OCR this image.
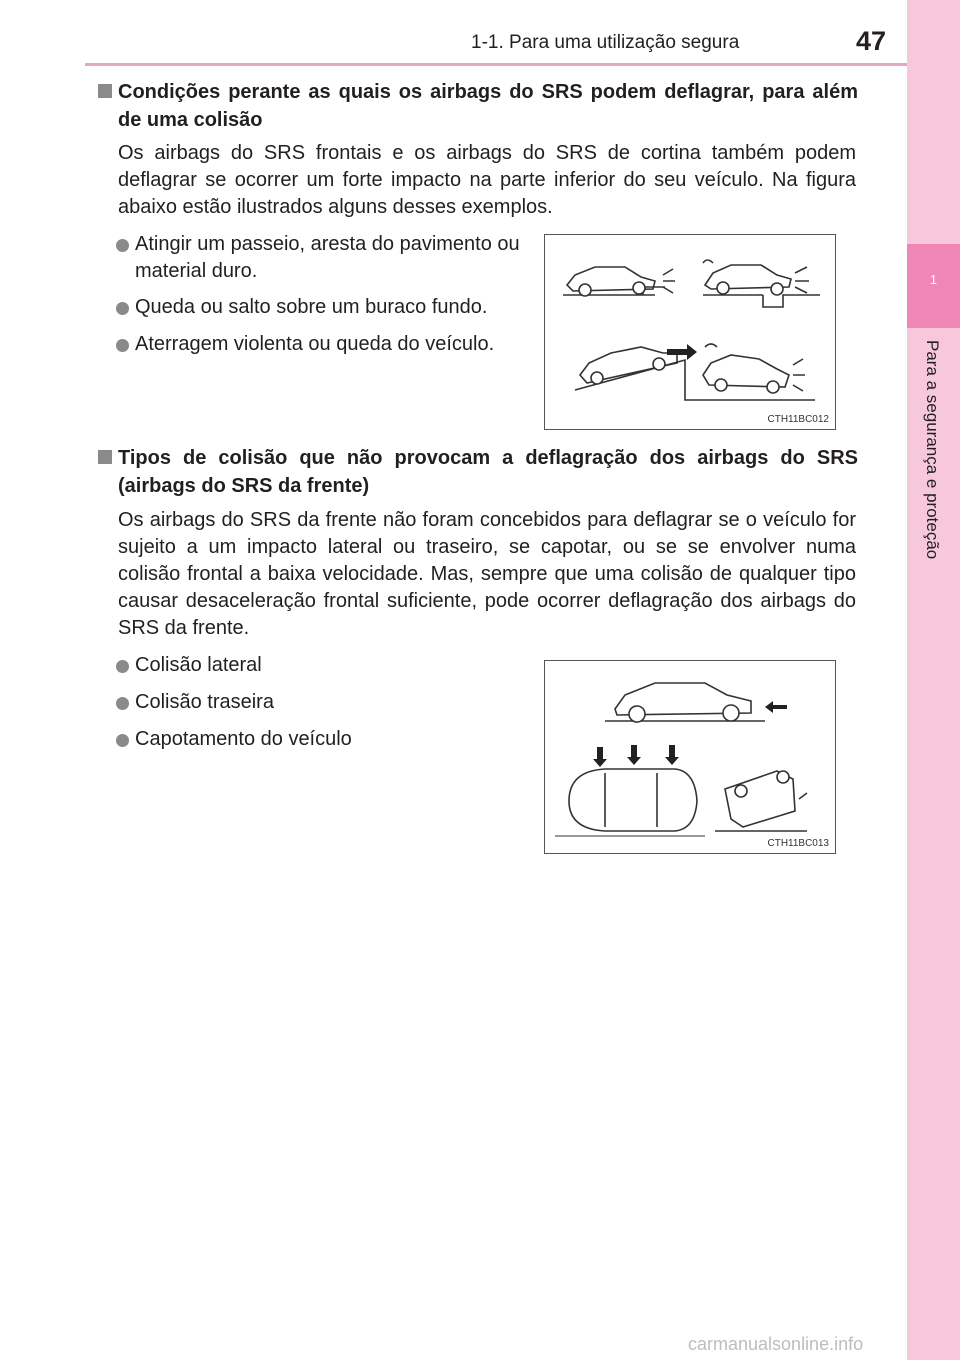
1-1. Para uma utilização segura	47
1
Para a segurança e proteção
Condições perante as quais os airbags do SRS podem deflagrar, para além de uma colisão
Os airbags do SRS frontais e os airbags do SRS de cortina também podem deflagrar se ocorrer um forte impacto na parte inferior do seu veículo. Na figura abaixo estão ilustrados alguns desses exemplos.
Atingir um passeio, aresta do pavimento ou material duro.
Queda ou salto sobre um buraco fundo.
Aterragem violenta ou queda do veículo.
CTH11BC012
Tipos de colisão que não provocam a deflagração dos airbags do SRS (airbags do SRS da frente)
Os airbags do SRS da frente não foram concebidos para deflagrar se o veículo for sujeito a um impacto lateral ou traseiro, se capotar, ou se se envolver numa colisão frontal a baixa velocidade. Mas, sempre que uma colisão de qualquer tipo causar desaceleração frontal suficiente, pode ocorrer deflagração dos airbags do SRS da frente.
Colisão lateral
Colisão traseira
Capotamento do veículo
CTH11BC013
carmanualsonline.info
